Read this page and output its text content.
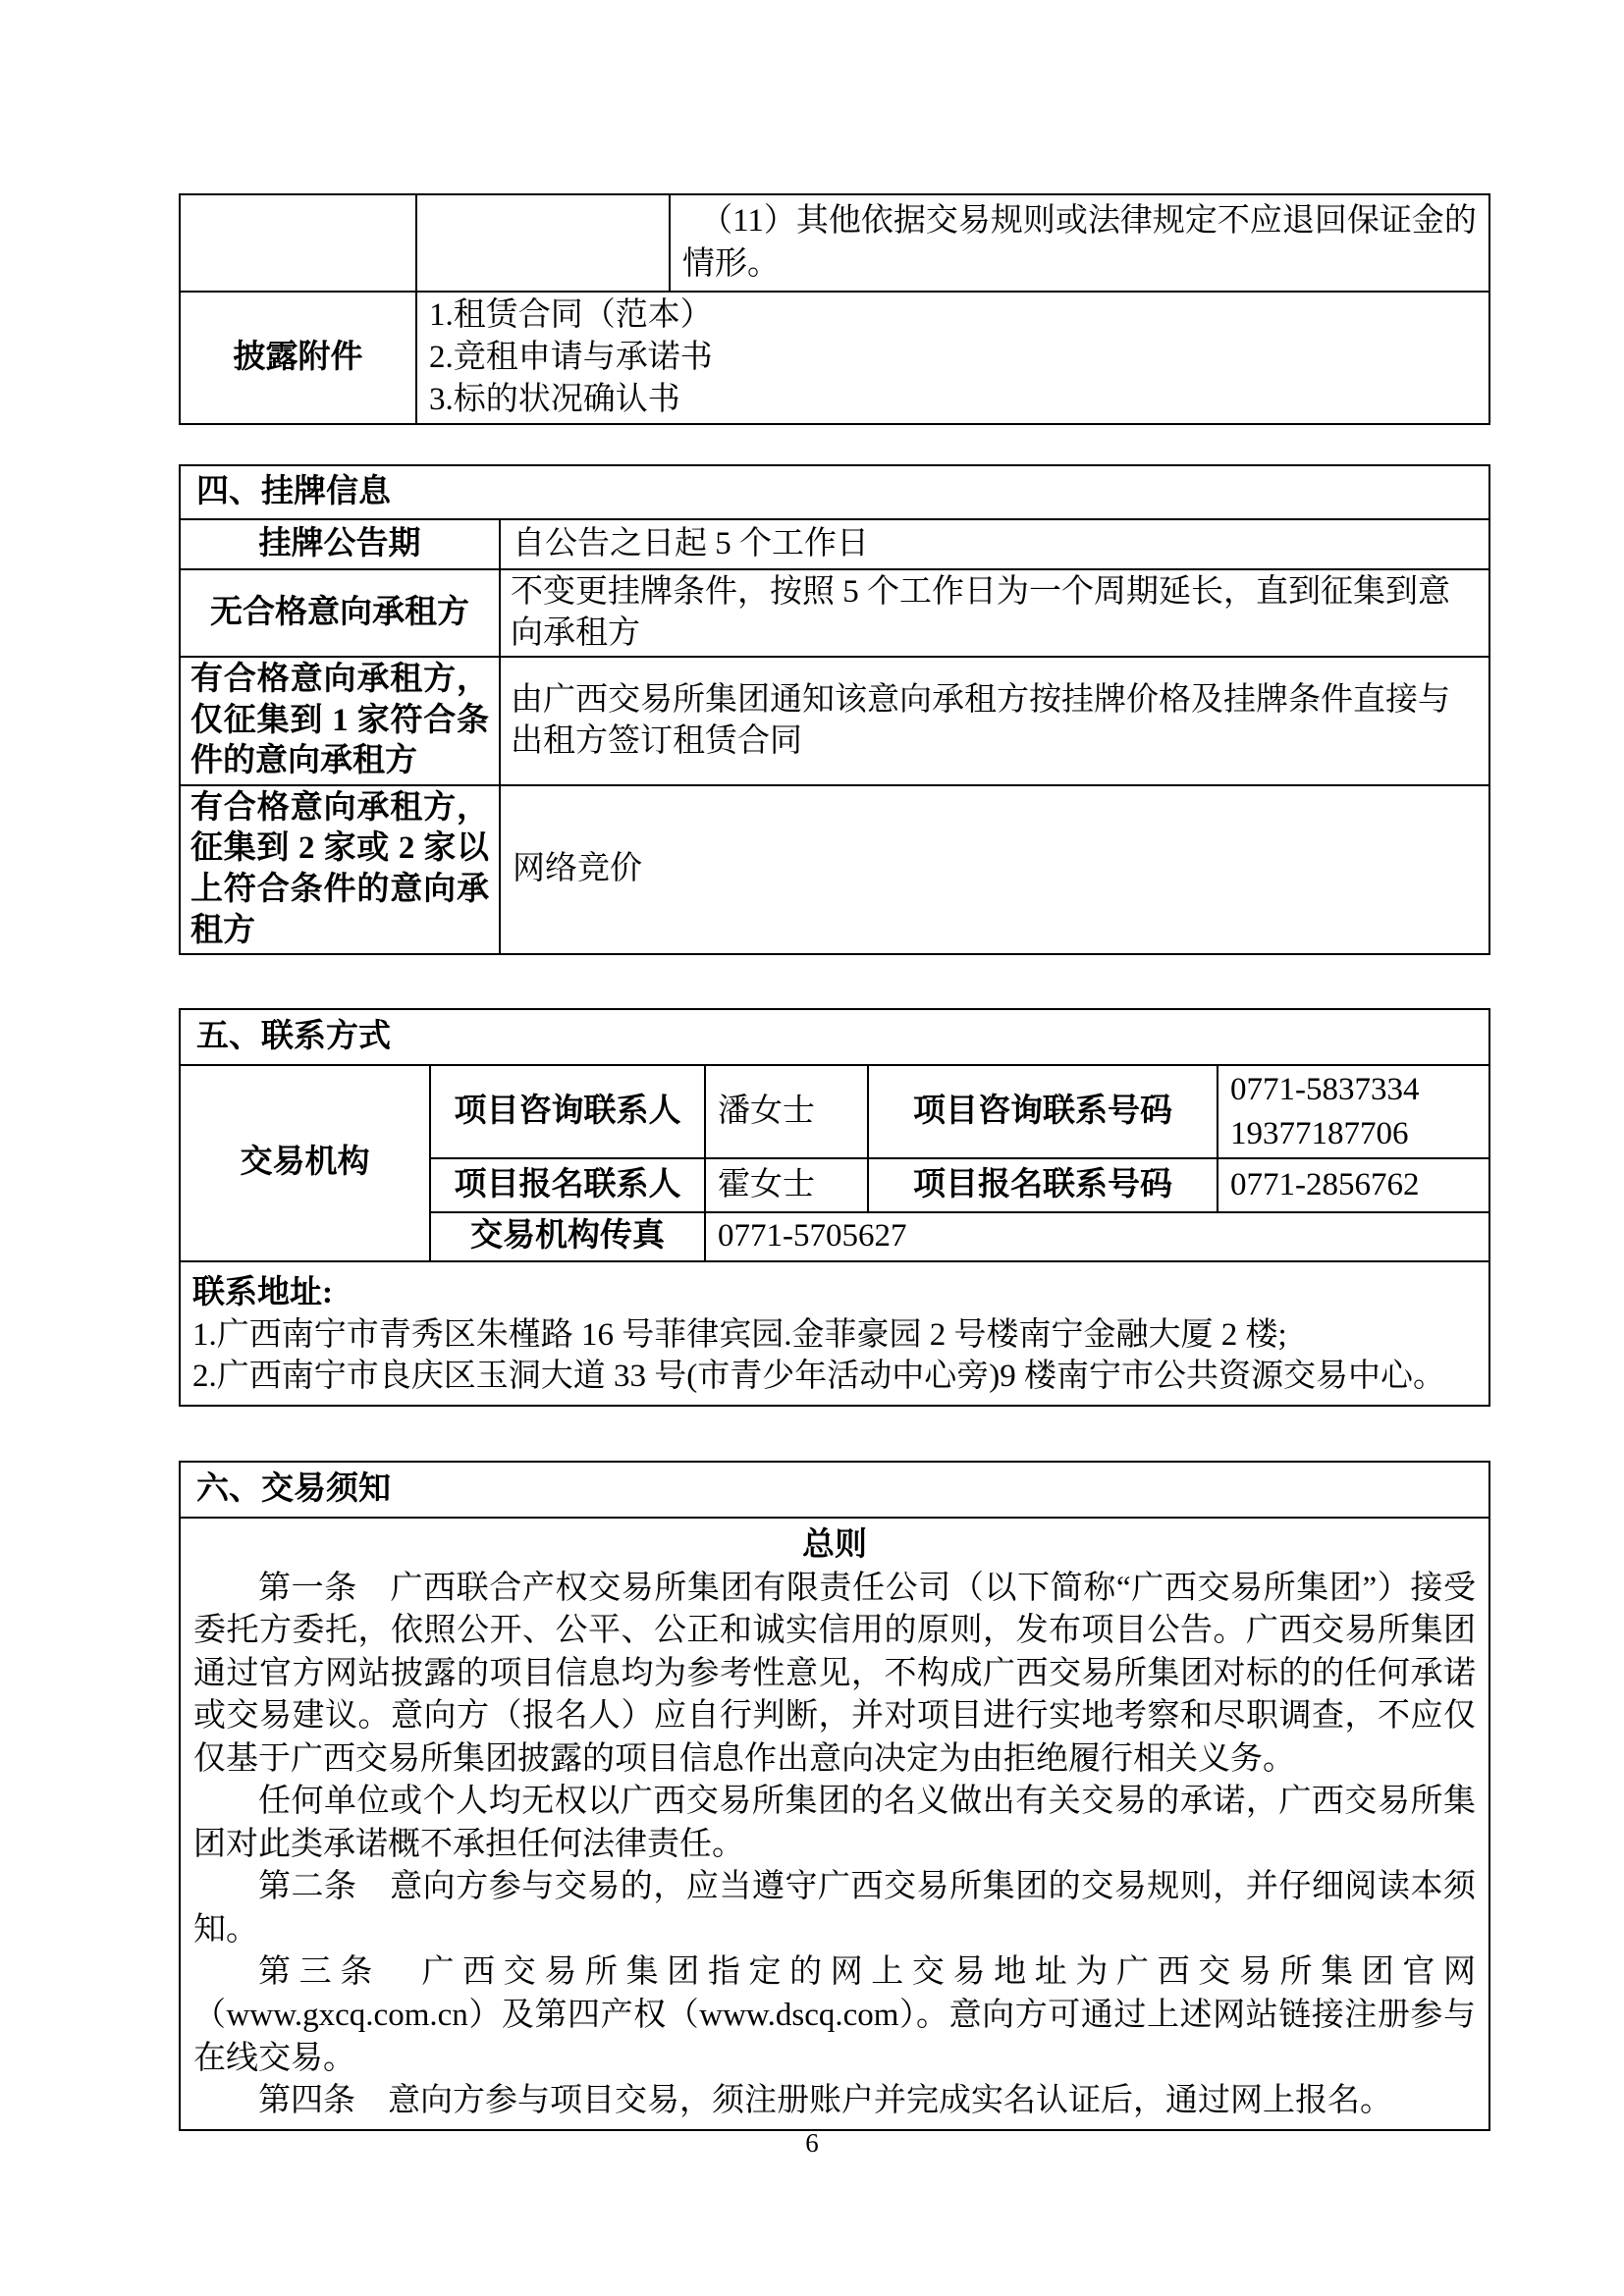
		（11）其他依据交易规则或法律规定不应退回保证金的情形。

披露附件	1.租赁合同（范本）
2.竞租申请与承诺书
3.标的状况确认书	
四、挂牌信息	
挂牌公告期	自公告之日起 5 个工作日
无合格意向承租方	不变更挂牌条件，按照 5 个工作日为一个周期延长，直到征集到意向承租方
有合格意向承租方，仅征集到 1 家符合条件的意向承租方	由广西交易所集团通知该意向承租方按挂牌价格及挂牌条件直接与出租方签订租赁合同
有合格意向承租方，征集到 2 家或 2 家以上符合条件的意向承租方	网络竞价
五、联系方式				
交易机构	项目咨询联系人	潘女士	项目咨询联系号码	0771-5837334
19377187706

	项目报名联系人	霍女士	项目报名联系号码	0771-2856762
	交易机构传真	0771-5705627		

联系地址:
1.广西南宁市青秀区朱槿路 16 号菲律宾园.金菲豪园 2 号楼南宁金融大厦 2 楼;
2.广西南宁市良庆区玉洞大道 33 号(市青少年活动中心旁)9 楼南宁市公共资源交易中心。				
六、交易须知

总则

第一条　广西联合产权交易所集团有限责任公司（以下简称“广西交易所集团”）接受委托方委托，依照公开、公平、公正和诚实信用的原则，发布项目公告。广西交易所集团通过官方网站披露的项目信息均为参考性意见，不构成广西交易所集团对标的的任何承诺或交易建议。意向方（报名人）应自行判断，并对项目进行实地考察和尽职调查，不应仅仅基于广西交易所集团披露的项目信息作出意向决定为由拒绝履行相关义务。

任何单位或个人均无权以广西交易所集团的名义做出有关交易的承诺，广西交易所集团对此类承诺概不承担任何法律责任。

第二条　意向方参与交易的，应当遵守广西交易所集团的交易规则，并仔细阅读本须知。

第三条　广西交易所集团指定的网上交易地址为广西交易所集团官网（www.gxcq.com.cn）及第四产权（www.dscq.com）。意向方可通过上述网站链接注册参与在线交易。

第四条　意向方参与项目交易，须注册账户并完成实名认证后，通过网上报名。

6
